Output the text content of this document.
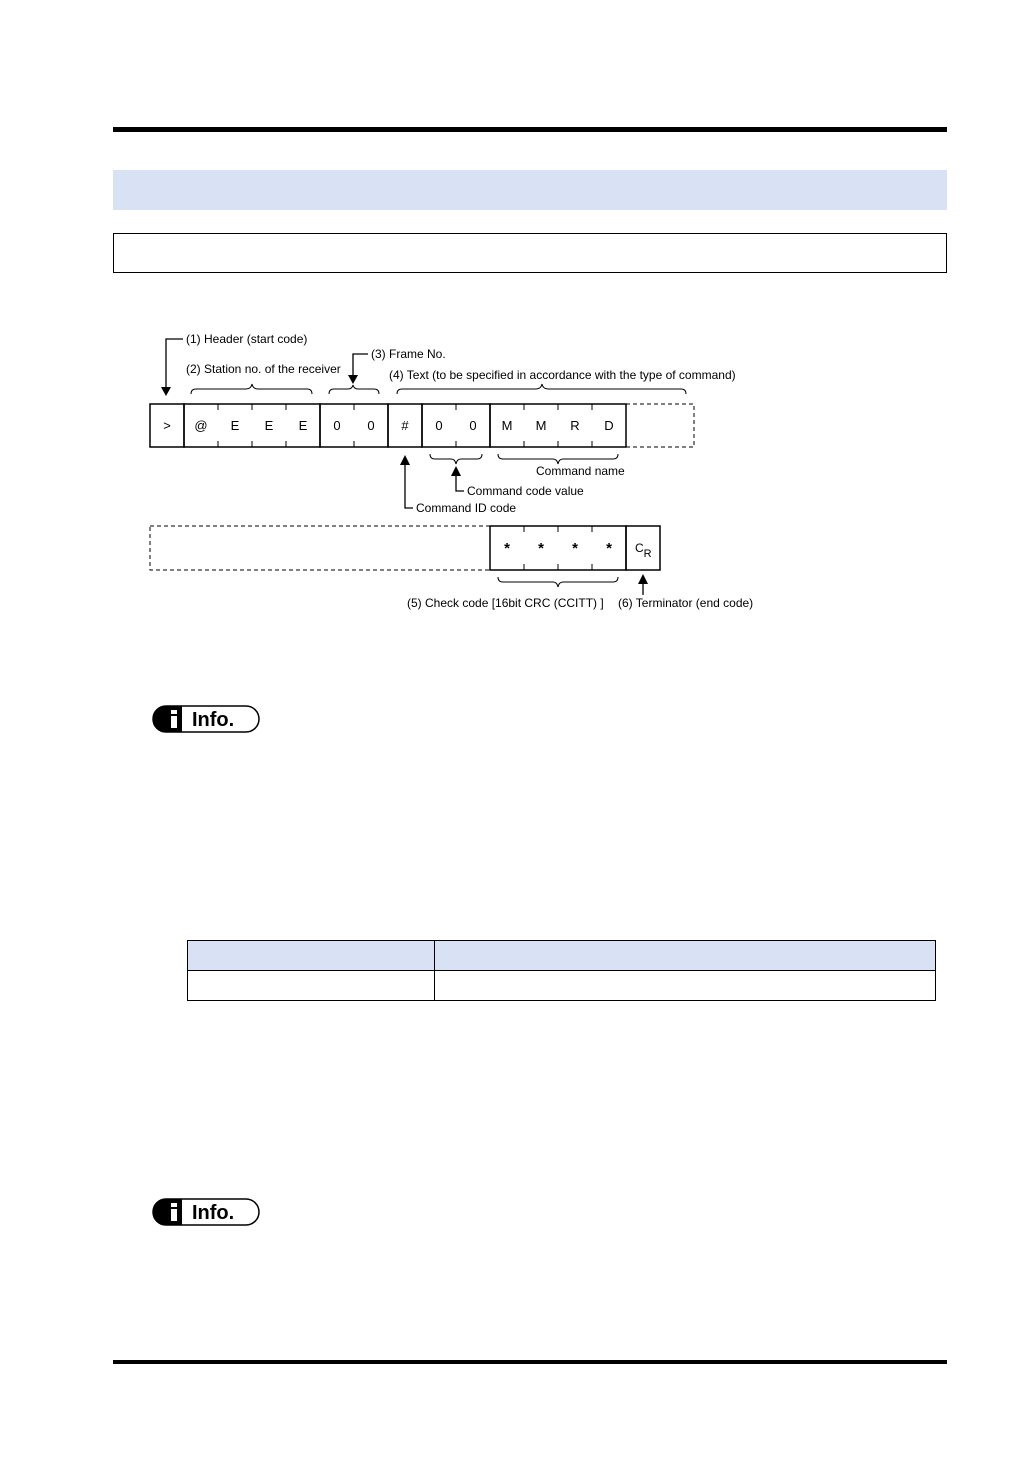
(1) Header (start code)
(2) Station no. of the receiver
(3) Frame No.
(4) Text (to be specified in accordance with the type of command)
> @ E E E 0 0 # 0 0 M M R D
Command name
Command code value
Command ID code
* * * * CR
(5) Check code [16bit CRC (CCITT) ] (6) Terminator (end code)
Info.

Info.
